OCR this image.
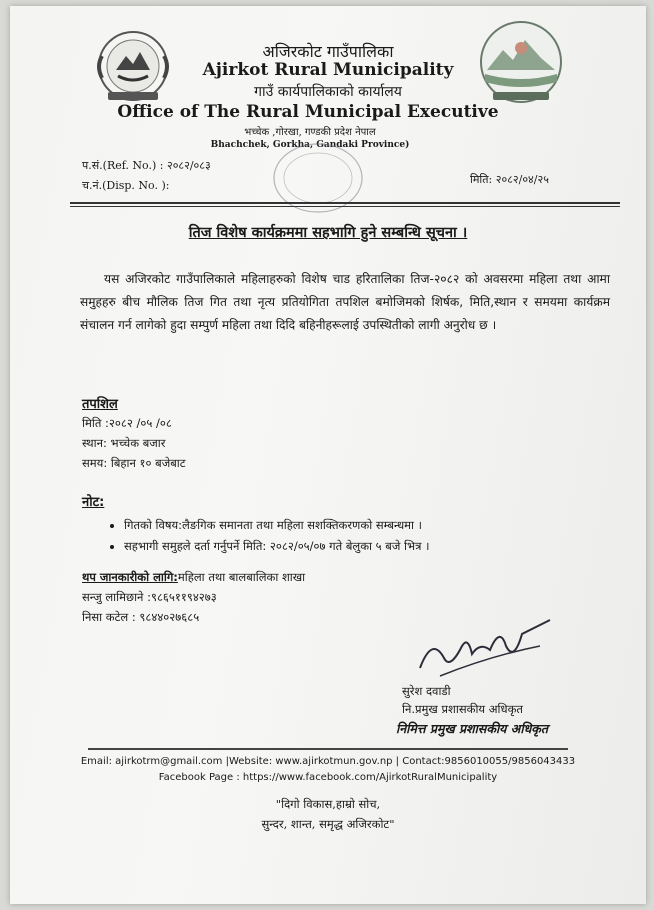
अजिरकोट गाउँपालिका
Ajirkot Rural Municipality
गाउँ कार्यपालिकाको कार्यालय
Office of The Rural Municipal Executive
भच्चेक ,गोरखा, गण्डकी प्रदेश नेपाल
Bhachchek, Gorkha, Gandaki Province)
प.सं.(Ref. No.) : २०८२/०८३
च.नं.(Disp. No. ):	मिति: २०८२/०४/२५
तिज विशेष कार्यक्रममा सहभागि हुने सम्बन्धि सूचना ।
यस अजिरकोट गाउँपालिकाले महिलाहरुको विशेष चाड हरितालिका तिज-२०८२ को अवसरमा महिला तथा आमा समुहहरु बीच मौलिक तिज गित तथा नृत्य प्रतियोगिता तपशिल बमोजिमको शिर्षक, मिति,स्थान र समयमा कार्यक्रम संचालन गर्न लागेको हुदा सम्पुर्ण महिला तथा दिदि बहिनीहरूलाई उपस्थितीको लागी अनुरोध छ ।
तपशिल
मिति :२०८२ /०५ /०८
स्थान: भच्चेक बजार
समय: बिहान १० बजेबाट
नोट:
• गितको विषय:लैङगिक समानता तथा महिला सशक्तिकरणको सम्बन्धमा ।
• सहभागी समुहले दर्ता गर्नुपर्ने मिति: २०८२/०५/०७ गते बेलुका ५ बजे भित्र ।
थप जानकारीको लागि:महिला तथा बालबालिका शाखा
सन्जु लामिछाने :९८६५११९४२७३
निसा कटेल : ९८४४०२७६८५
सुरेश दवाडी
नि.प्रमुख प्रशासकीय अधिकृत
निमित्त प्रमुख प्रशासकीय अधिकृत
Email: ajirkotrm@gmail.com |Website: www.ajirkotmun.gov.np | Contact:9856010055/9856043433
Facebook Page : https://www.facebook.com/AjirkotRuralMunicipality
"दिगो विकास,हाम्रो सोच,
सुन्दर, शान्त, समृद्ध अजिरकोट"
